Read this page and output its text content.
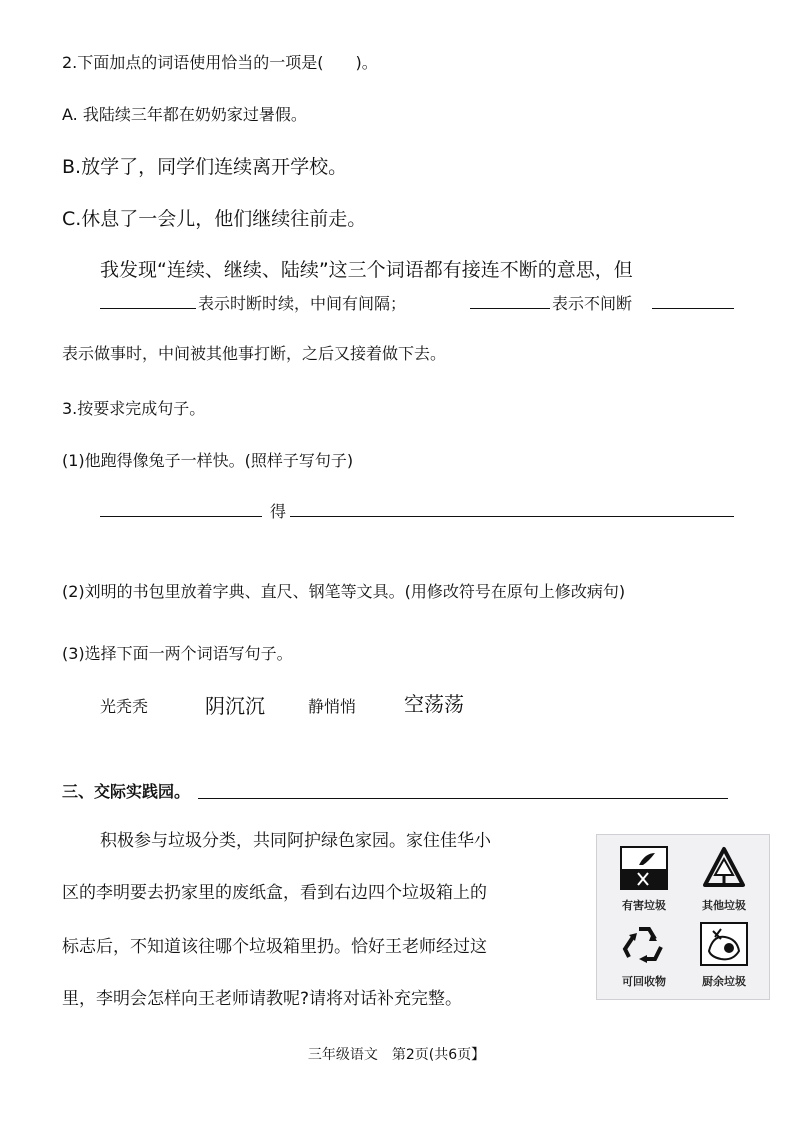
2.下面加点的词语使用恰当的一项是(　　)。
A. 我陆续三年都在奶奶家过暑假。
B.放学了，同学们连续离开学校。
C.休息了一会儿，他们继续往前走。
我发现“连续、继续、陆续”这三个词语都有接连不断的意思，但
表示时断时续，中间有间隔；	表示不间断
表示做事时，中间被其他事打断，之后又接着做下去。
3.按要求完成句子。
(1)他跑得像兔子一样快。(照样子写句子)
得
(2)刘明的书包里放着字典、直尺、钢笔等文具。(用修改符号在原句上修改病句)
(3)选择下面一两个词语写句子。
光秃秃	阴沉沉	静悄悄 空荡荡
三、交际实践园。
积极参与垃圾分类，共同阿护绿色家园。家住佳华小
区的李明要去扔家里的废纸盒，看到右边四个垃圾箱上的
标志后，不知道该往哪个垃圾箱里扔。恰好王老师经过这
里，李明会怎样向王老师请教呢?请将对话补充完整。
有害垃圾	其他垃圾
可回收物	厨余垃圾
三年级语文　第2页(共6页】
